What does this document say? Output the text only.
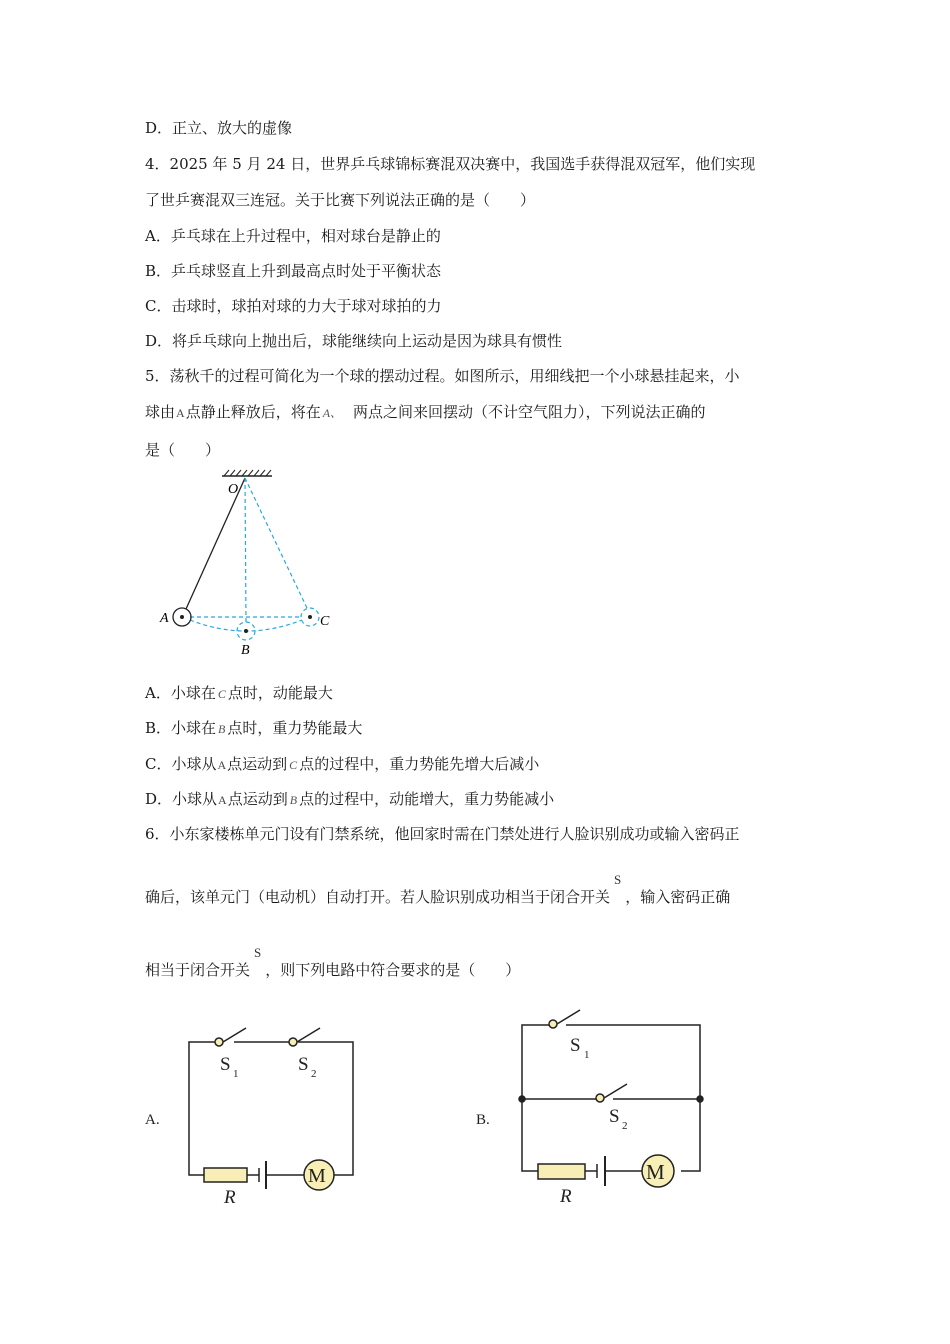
D．正立、放大的虚像
4．2025 年 5 月 24 日，世界乒乓球锦标赛混双决赛中，我国选手获得混双冠军，他们实现
了世乒赛混双三连冠。关于比赛下列说法正确的是（　　）
A．乒乓球在上升过程中，相对球台是静止的
B．乒乓球竖直上升到最高点时处于平衡状态
C．击球时，球拍对球的力大于球对球拍的力
D．将乒乓球向上抛出后，球能继续向上运动是因为球具有惯性
5．荡秋千的过程可简化为一个球的摆动过程。如图所示，用细线把一个小球悬挂起来，小
球由A点静止释放后，将在 A、　两点之间来回摆动（不计空气阻力），下列说法正确的
是（　　）
O
A
B
C
A.
S 1	S 2
R
M
B.
S 1
S 2
R
M
A．小球在 C 点时，动能最大
B．小球在 B 点时，重力势能最大
C．小球从A点运动到 C 点的过程中，重力势能先增大后减小
D．小球从A点运动到 B 点的过程中，动能增大，重力势能减小
6．小东家楼栋单元门设有门禁系统，他回家时需在门禁处进行人脸识别成功或输入密码正
确后，该单元门（电动机）自动打开。若人脸识别成功相当于闭合开关S，输入密码正确
相当于闭合开关S，则下列电路中符合要求的是（　　）
